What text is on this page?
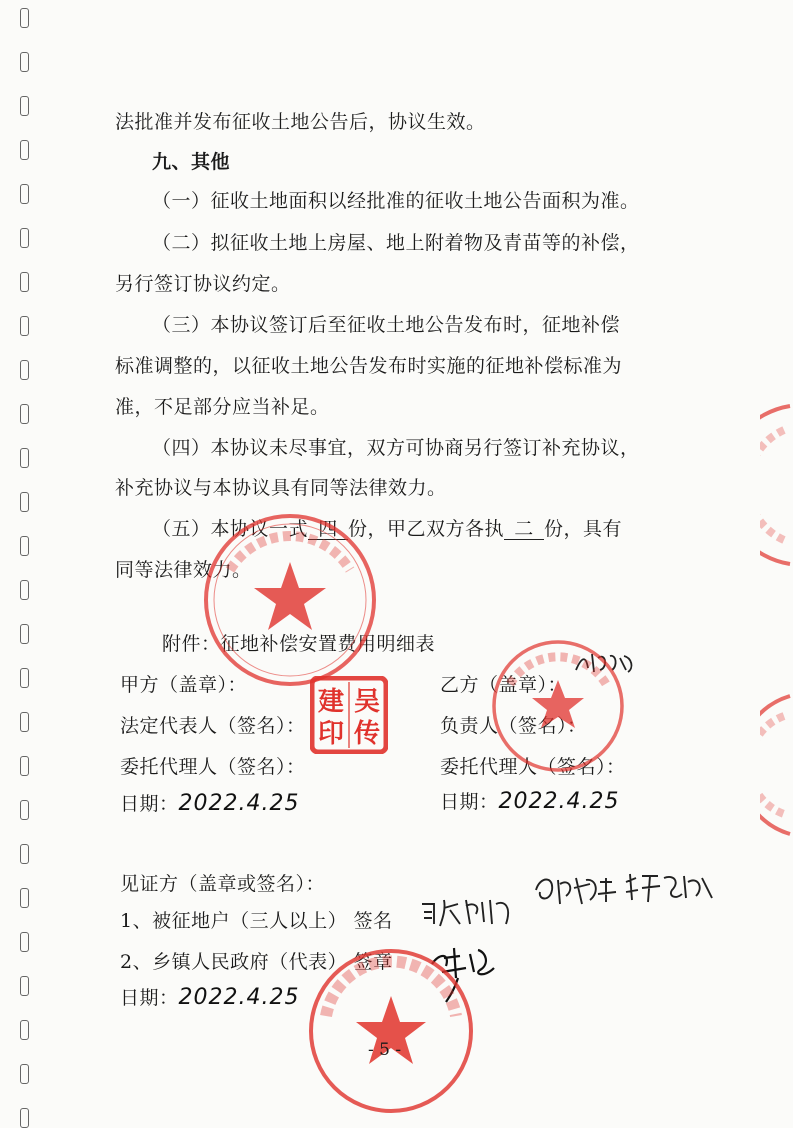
法批准并发布征收土地公告后，协议生效。
九、其他
（一）征收土地面积以经批准的征收土地公告面积为准。
（二）拟征收土地上房屋、地上附着物及青苗等的补偿，
另行签订协议约定。
（三）本协议签订后至征收土地公告发布时，征地补偿
标准调整的，以征收土地公告发布时实施的征地补偿标准为
准，不足部分应当补足。
（四）本协议未尽事宜，双方可协商另行签订补充协议，
补充协议与本协议具有同等法律效力。
（五）本协议一式 四 份，甲乙双方各执 二 份，具有
同等法律效力。
附件：征地补偿安置费用明细表
甲方（盖章）：
法定代表人（签名）：
委托代理人（签名）：
日期：2022.4.25
乙方（盖章）：
负责人（签名）：
委托代理人（签名）：
日期：2022.4.25
见证方（盖章或签名）：
1、被征地户（三人以上） 签名
2、乡镇人民政府（代表） 签章
日期：2022.4.25
吴
建
传
印
- 5 -
